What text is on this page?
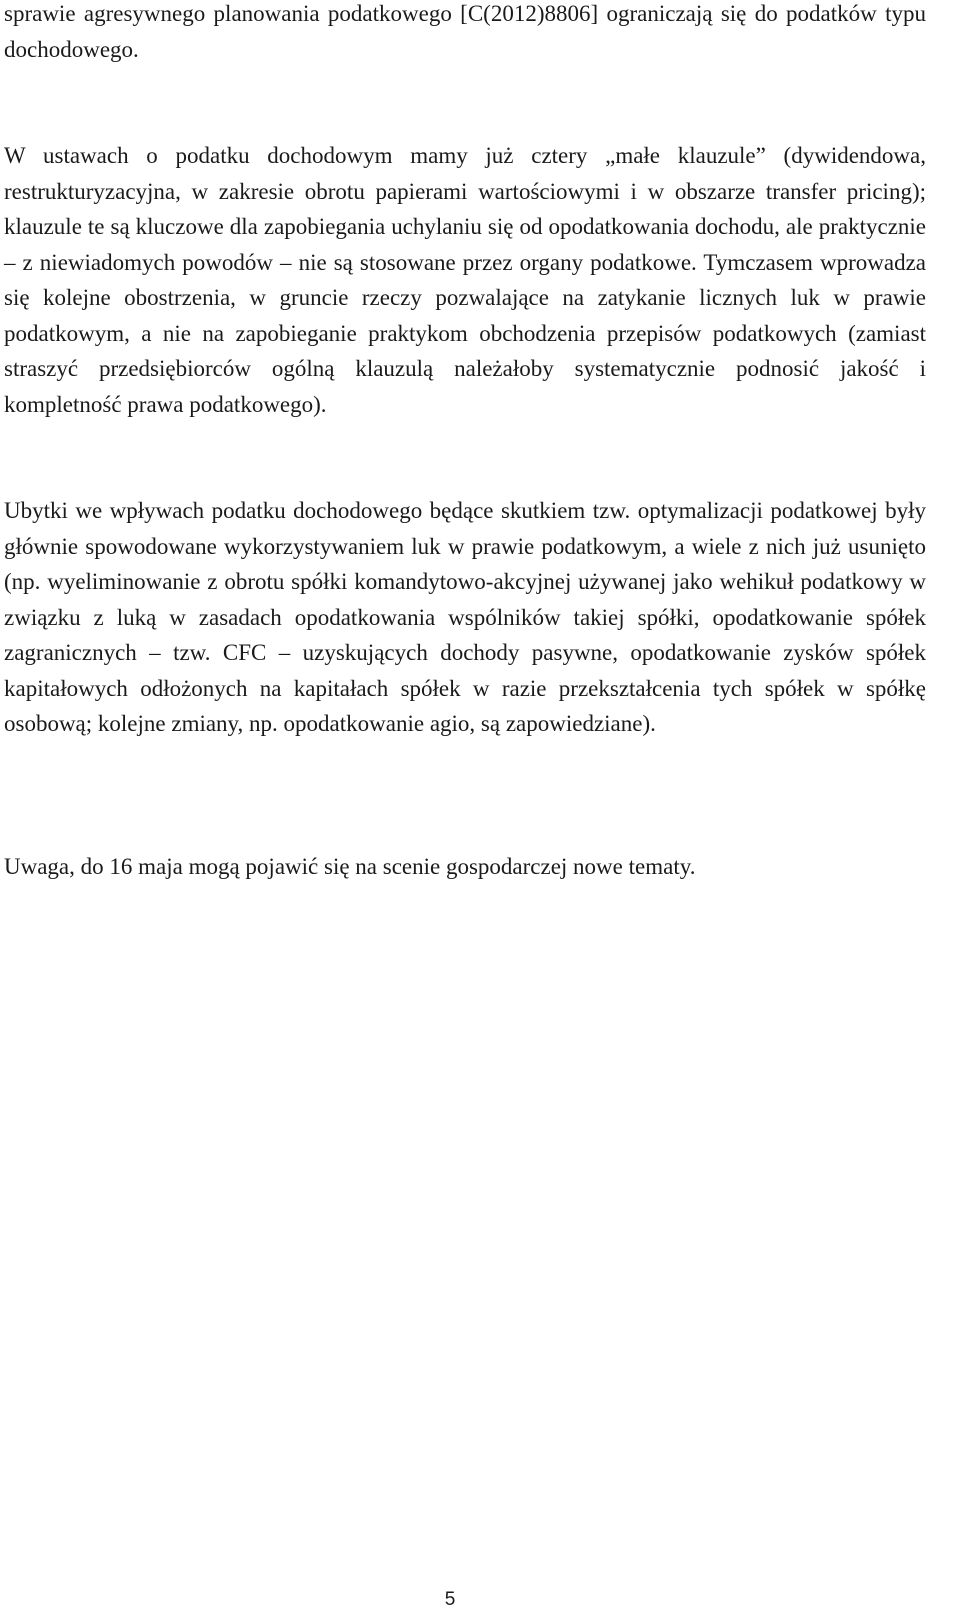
sprawie agresywnego planowania podatkowego [C(2012)8806] ograniczają się do podatków typu dochodowego.

W ustawach o podatku dochodowym mamy już cztery „małe klauzule” (dywidendowa, restrukturyzacyjna, w zakresie obrotu papierami wartościowymi i w obszarze transfer pricing); klauzule te są kluczowe dla zapobiegania uchylaniu się od opodatkowania dochodu, ale praktycznie – z niewiadomych powodów – nie są stosowane przez organy podatkowe. Tymczasem wprowadza się kolejne obostrzenia, w gruncie rzeczy pozwalające na zatykanie licznych luk w prawie podatkowym, a nie na zapobieganie praktykom obchodzenia przepisów podatkowych (zamiast straszyć przedsiębiorców ogólną klauzulą należałoby systematycznie podnosić jakość i kompletność prawa podatkowego).

Ubytki we wpływach podatku dochodowego będące skutkiem tzw. optymalizacji podatkowej były głównie spowodowane wykorzystywaniem luk w prawie podatkowym, a wiele z nich już usunięto (np. wyeliminowanie z obrotu spółki komandytowo-akcyjnej używanej jako wehikuł podatkowy w związku z luką w zasadach opodatkowania wspólników takiej spółki, opodatkowanie spółek zagranicznych – tzw. CFC – uzyskujących dochody pasywne, opodatkowanie zysków spółek kapitałowych odłożonych na kapitałach spółek w razie przekształcenia tych spółek w spółkę osobową; kolejne zmiany, np. opodatkowanie agio, są zapowiedziane).

Uwaga, do 16 maja mogą pojawić się na scenie gospodarczej nowe tematy.

5
